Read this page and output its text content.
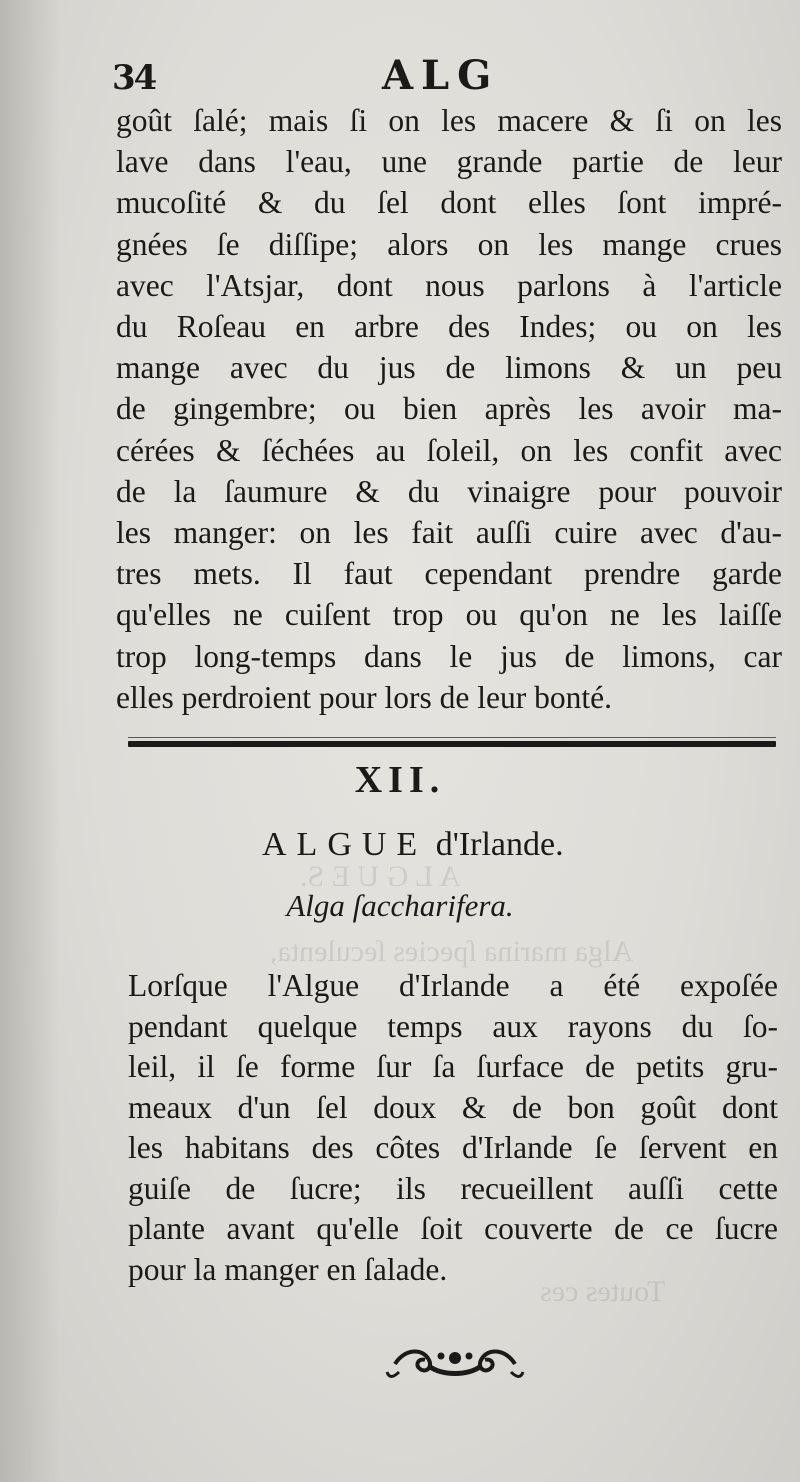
A L G U E S.
Alga marina ſpecies ſeculenta,
Toutes ces
34	ALG
goût ſalé; mais ſi on les macere & ſi on les
lave dans l'eau, une grande partie de leur
mucoſité & du ſel dont elles ſont impré-
gnées ſe diſſipe; alors on les mange crues
avec l'Atsjar, dont nous parlons à l'article
du Roſeau en arbre des Indes; ou on les
mange avec du jus de limons & un peu
de gingembre; ou bien après les avoir ma-
cérées & ſéchées au ſoleil, on les confit avec
de la ſaumure & du vinaigre pour pouvoir
les manger: on les fait auſſi cuire avec d'au-
tres mets. Il faut cependant prendre garde
qu'elles ne cuiſent trop ou qu'on ne les laiſſe
trop long-temps dans le jus de limons, car
elles perdroient pour lors de leur bonté.
XII.
ALGUE d'Irlande.
Alga ſaccharifera.
Lorſque l'Algue d'Irlande a été expoſée
pendant quelque temps aux rayons du ſo-
leil, il ſe forme ſur ſa ſurface de petits gru-
meaux d'un ſel doux & de bon goût dont
les habitans des côtes d'Irlande ſe ſervent en
guiſe de ſucre; ils recueillent auſſi cette
plante avant qu'elle ſoit couverte de ce ſucre
pour la manger en ſalade.
